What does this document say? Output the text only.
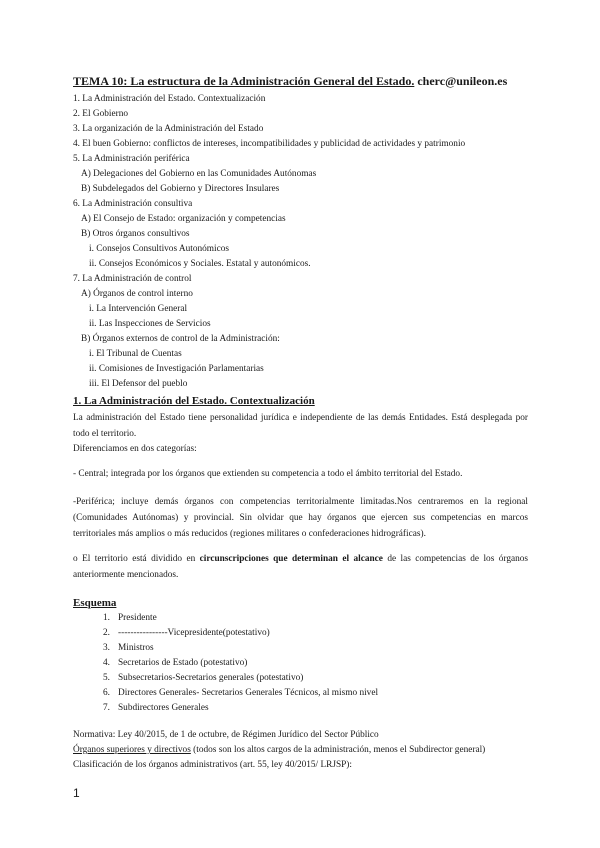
TEMA 10: La estructura de la Administración General del Estado. cherc@unileon.es
1. La Administración del Estado. Contextualización
2. El Gobierno
3. La organización de la Administración del Estado
4. El buen Gobierno: conflictos de intereses, incompatibilidades y publicidad de actividades y patrimonio
5. La Administración periférica
A) Delegaciones del Gobierno en las Comunidades Autónomas
B) Subdelegados del Gobierno y Directores Insulares
6. La Administración consultiva
A) El Consejo de Estado: organización y competencias
B) Otros órganos consultivos
i. Consejos Consultivos Autonómicos
ii. Consejos Económicos y Sociales. Estatal y autonómicos.
7. La Administración de control
A) Órganos de control interno
i. La Intervención General
ii. Las Inspecciones de Servicios
B) Órganos externos de control de la Administración:
i. El Tribunal de Cuentas
ii. Comisiones de Investigación Parlamentarias
iii. El Defensor del pueblo
1. La Administración del Estado. Contextualización
La administración del Estado tiene personalidad jurídica e independiente de las demás Entidades. Está desplegada por todo el territorio.
Diferenciamos en dos categorías:
- Central; integrada por los órganos que extienden su competencia a todo el ámbito territorial del Estado.
-Periférica; incluye demás órganos con competencias territorialmente limitadas.Nos centraremos en la regional (Comunidades Autónomas) y provincial. Sin olvidar que hay órganos que ejercen sus competencias en marcos territoriales más amplios o más reducidos (regiones militares o confederaciones hidrográficas).
o El territorio está dividido en circunscripciones que determinan el alcance de las competencias de los órganos anteriormente mencionados.
Esquema
1. Presidente
2. ----------------Vicepresidente(potestativo)
3. Ministros
4. Secretarios de Estado (potestativo)
5. Subsecretarios-Secretarios generales (potestativo)
6. Directores Generales- Secretarios Generales Técnicos, al mismo nivel
7. Subdirectores Generales
Normativa: Ley 40/2015, de 1 de octubre, de Régimen Jurídico del Sector Público
Órganos superiores y directivos (todos son los altos cargos de la administración, menos el Subdirector general)
Clasificación de los órganos administrativos (art. 55, ley 40/2015/ LRJSP):
1
